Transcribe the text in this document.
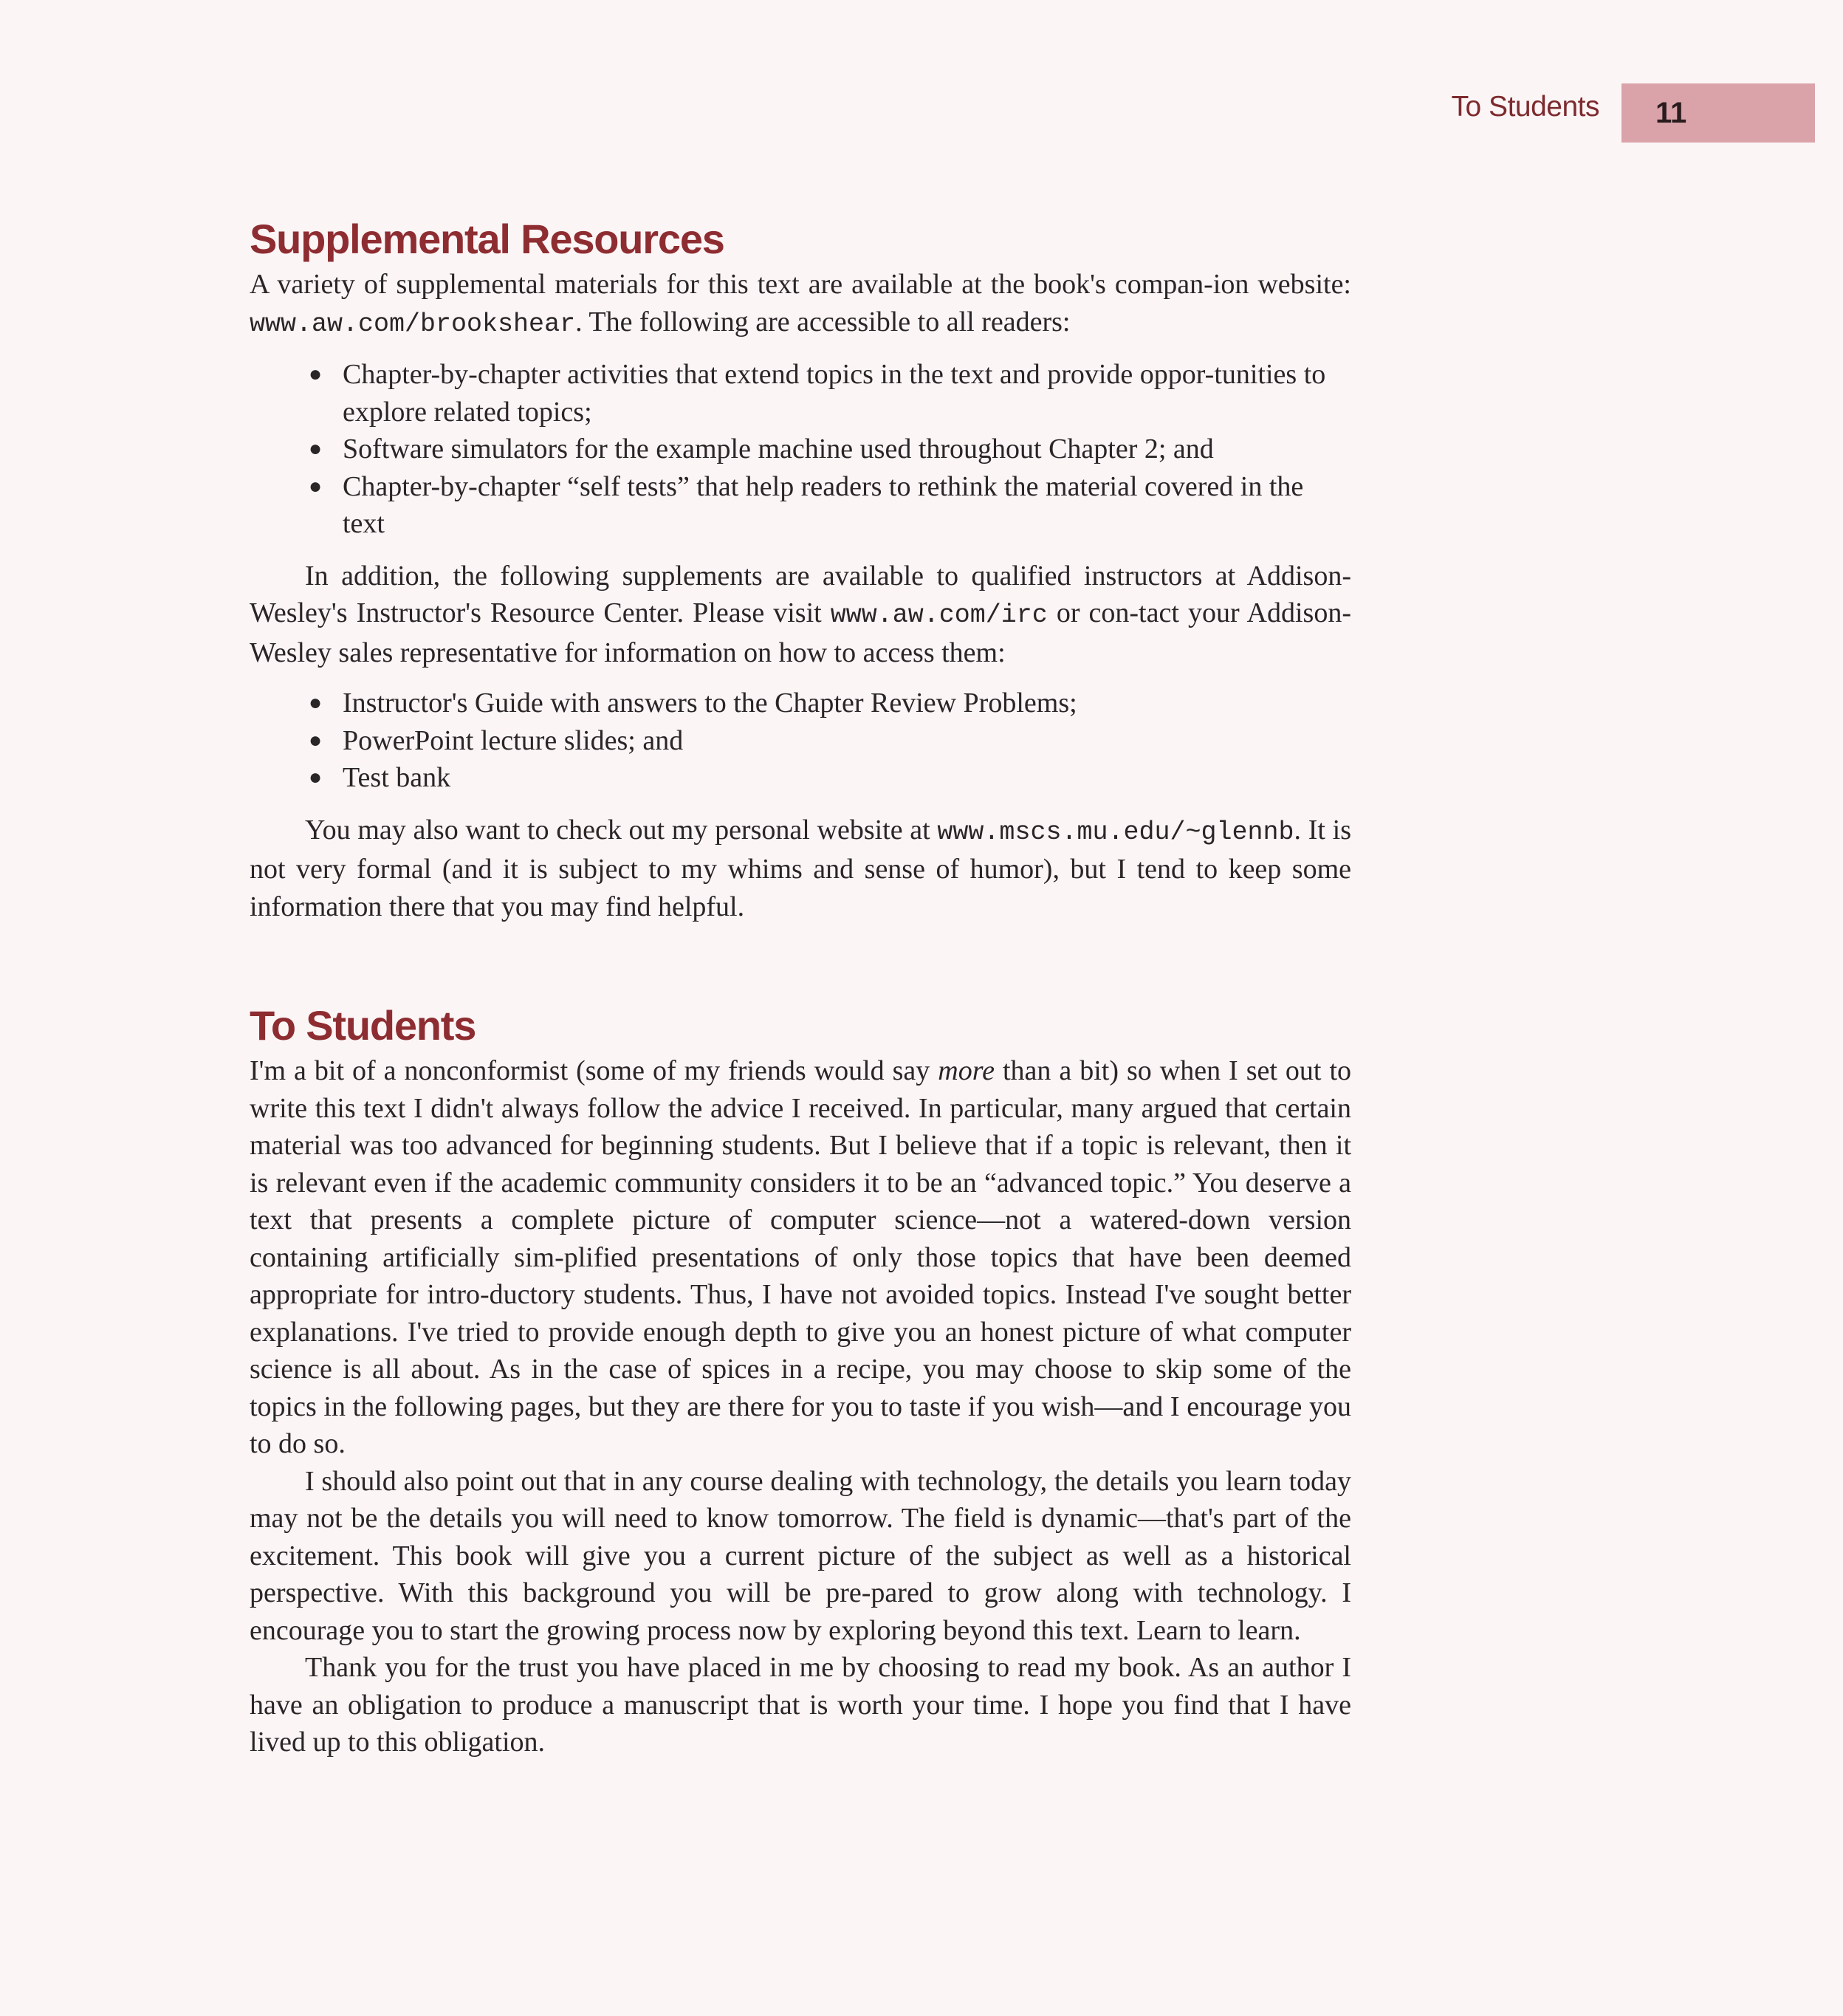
To Students	11
Supplemental Resources

A variety of supplemental materials for this text are available at the book's compan-ion website: www.aw.com/brookshear. The following are accessible to all readers:

● Chapter-by-chapter activities that extend topics in the text and provide oppor-tunities to explore related topics;
● Software simulators for the example machine used throughout Chapter 2; and
● Chapter-by-chapter “self tests” that help readers to rethink the material covered in the text

In addition, the following supplements are available to qualified instructors at Addison-Wesley's Instructor's Resource Center. Please visit www.aw.com/irc or con-tact your Addison-Wesley sales representative for information on how to access them:

● Instructor's Guide with answers to the Chapter Review Problems;
● PowerPoint lecture slides; and
● Test bank

You may also want to check out my personal website at www.mscs.mu.edu/~glennb. It is not very formal (and it is subject to my whims and sense of humor), but I tend to keep some information there that you may find helpful.

To Students

I'm a bit of a nonconformist (some of my friends would say more than a bit) so when I set out to write this text I didn't always follow the advice I received. In particular, many argued that certain material was too advanced for beginning students. But I believe that if a topic is relevant, then it is relevant even if the academic community considers it to be an “advanced topic.” You deserve a text that presents a complete picture of computer science—not a watered-down version containing artificially sim-plified presentations of only those topics that have been deemed appropriate for intro-ductory students. Thus, I have not avoided topics. Instead I've sought better explanations. I've tried to provide enough depth to give you an honest picture of what computer science is all about. As in the case of spices in a recipe, you may choose to skip some of the topics in the following pages, but they are there for you to taste if you wish—and I encourage you to do so.

I should also point out that in any course dealing with technology, the details you learn today may not be the details you will need to know tomorrow. The field is dynamic—that's part of the excitement. This book will give you a current picture of the subject as well as a historical perspective. With this background you will be pre-pared to grow along with technology. I encourage you to start the growing process now by exploring beyond this text. Learn to learn.

Thank you for the trust you have placed in me by choosing to read my book. As an author I have an obligation to produce a manuscript that is worth your time. I hope you find that I have lived up to this obligation.
